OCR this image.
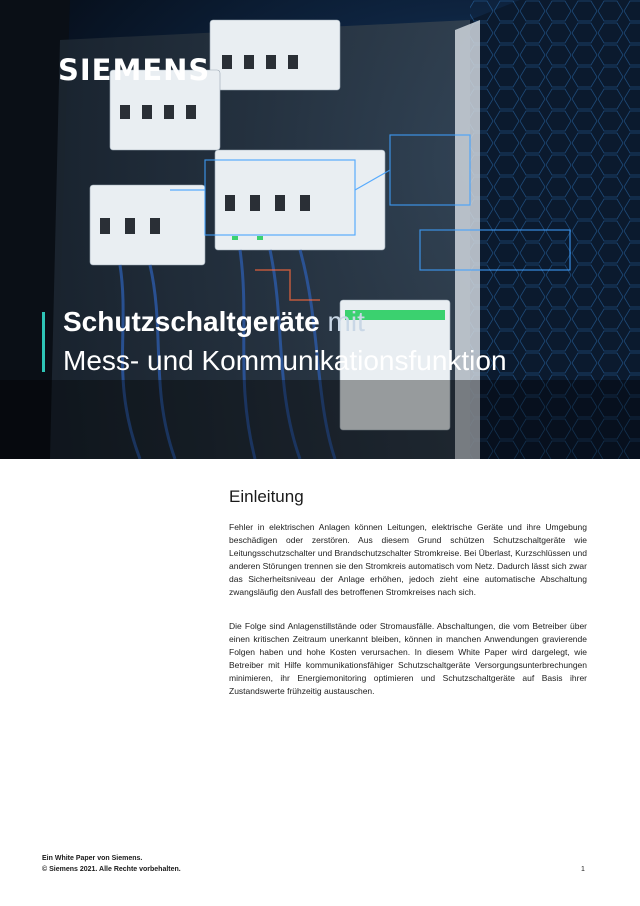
SIEMENS
Schutzschaltgeräte mit
Mess- und Kommunikationsfunktion
Einleitung

Fehler in elektrischen Anlagen können Leitungen, elektrische Geräte und ihre Umgebung beschädigen oder zerstören. Aus diesem Grund schützen Schutzschaltgeräte wie Leitungsschutzschalter und Brandschutzschalter Stromkreise. Bei Überlast, Kurzschlüssen und anderen Störungen trennen sie den Stromkreis automatisch vom Netz. Dadurch lässt sich zwar das Sicherheitsniveau der Anlage erhöhen, jedoch zieht eine automatische Abschaltung zwangsläufig den Ausfall des betroffenen Stromkreises nach sich.

Die Folge sind Anlagenstillstände oder Stromausfälle. Abschaltungen, die vom Betreiber über einen kritischen Zeitraum unerkannt bleiben, können in manchen Anwendungen gravierende Folgen haben und hohe Kosten verursachen. In diesem White Paper wird dargelegt, wie Betreiber mit Hilfe kommunikationsfähiger Schutzschaltgeräte Versorgungsunterbrechungen minimieren, ihr Energiemonitoring optimieren und Schutzschaltgeräte auf Basis ihrer Zustandswerte frühzeitig austauschen.

Ein White Paper von Siemens.
© Siemens 2021. Alle Rechte vorbehalten.	1
